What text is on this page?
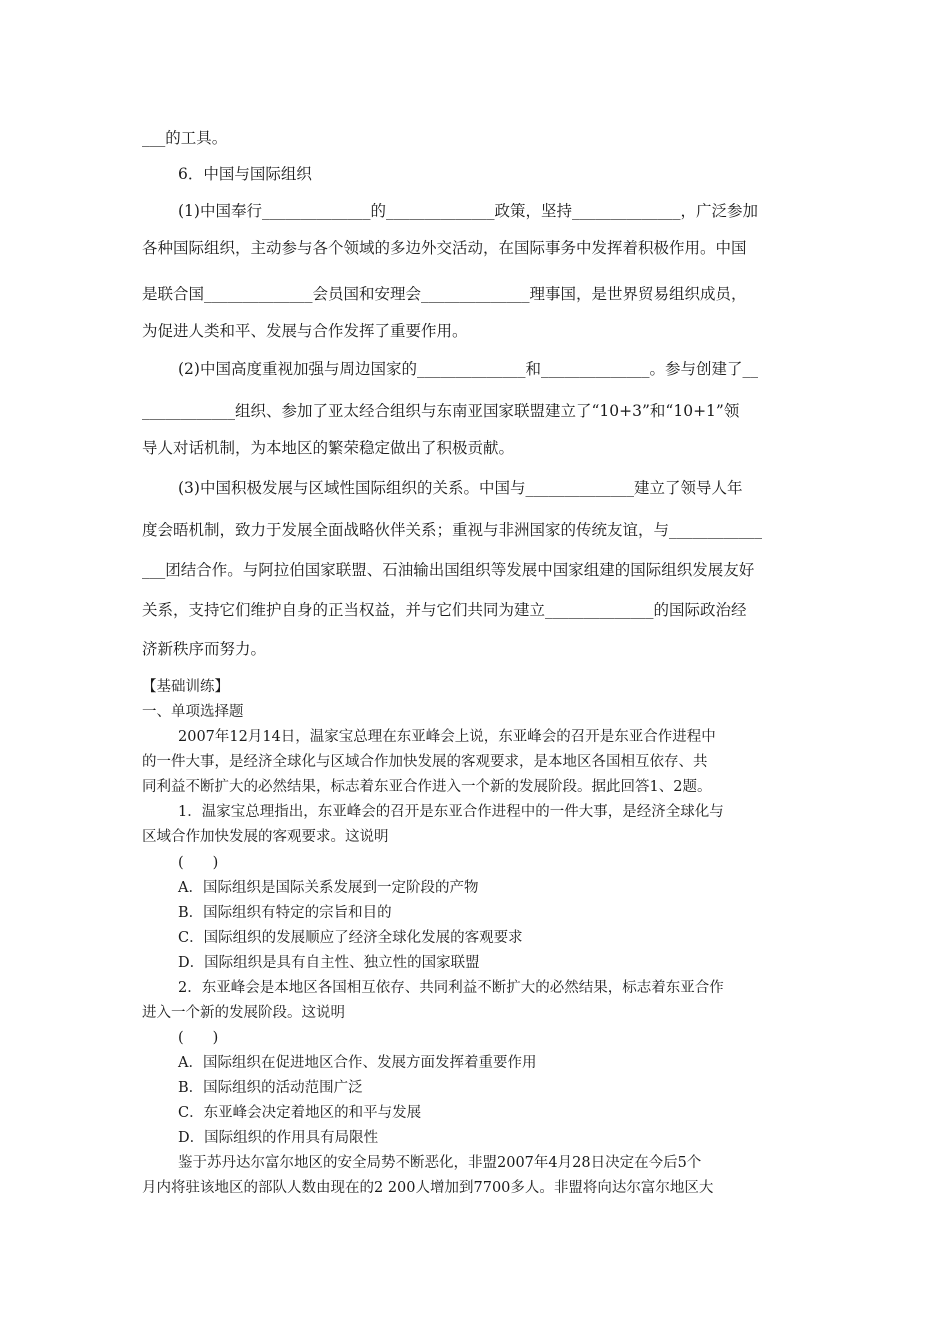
___的工具。
6．中国与国际组织
(1)中国奉行______________的______________政策，坚持______________，广泛参加
各种国际组织，主动参与各个领域的多边外交活动，在国际事务中发挥着积极作用。中国
是联合国______________会员国和安理会______________理事国，是世界贸易组织成员，
为促进人类和平、发展与合作发挥了重要作用。
(2)中国高度重视加强与周边国家的______________和______________。参与创建了__
____________组织、参加了亚太经合组织与东南亚国家联盟建立了“10+3”和“10+1”领
导人对话机制，为本地区的繁荣稳定做出了积极贡献。
(3)中国积极发展与区域性国际组织的关系。中国与______________建立了领导人年
度会晤机制，致力于发展全面战略伙伴关系；重视与非洲国家的传统友谊，与____________
___团结合作。与阿拉伯国家联盟、石油输出国组织等发展中国家组建的国际组织发展友好
关系，支持它们维护自身的正当权益，并与它们共同为建立______________的国际政治经
济新秩序而努力。
【基础训练】
一、单项选择题
2007年12月14日，温家宝总理在东亚峰会上说，东亚峰会的召开是东亚合作进程中
的一件大事，是经济全球化与区域合作加快发展的客观要求，是本地区各国相互依存、共
同利益不断扩大的必然结果，标志着东亚合作进入一个新的发展阶段。据此回答1、2题。
1．温家宝总理指出，东亚峰会的召开是东亚合作进程中的一件大事，是经济全球化与
区域合作加快发展的客观要求。这说明
(　　)
A．国际组织是国际关系发展到一定阶段的产物
B．国际组织有特定的宗旨和目的
C．国际组织的发展顺应了经济全球化发展的客观要求
D．国际组织是具有自主性、独立性的国家联盟
2．东亚峰会是本地区各国相互依存、共同利益不断扩大的必然结果，标志着东亚合作
进入一个新的发展阶段。这说明
(　　)
A．国际组织在促进地区合作、发展方面发挥着重要作用
B．国际组织的活动范围广泛
C．东亚峰会决定着地区的和平与发展
D．国际组织的作用具有局限性
鉴于苏丹达尔富尔地区的安全局势不断恶化，非盟2007年4月28日决定在今后5个
月内将驻该地区的部队人数由现在的2 200人增加到7700多人。非盟将向达尔富尔地区大
